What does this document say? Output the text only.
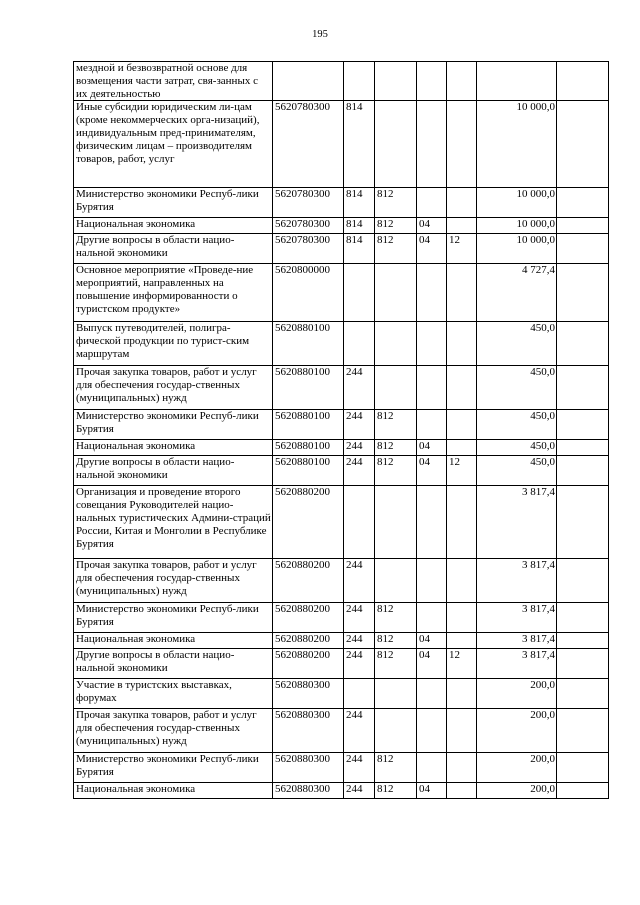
195
мездной и безвозвратной основе для возмещения части затрат, свя-занных с их деятельностью							
Иные субсидии юридическим ли-цам (кроме некоммерческих орга-низаций), индивидуальным пред-принимателям, физическим лицам – производителям товаров, работ, услуг	5620780300	814				10 000,0	
Министерство экономики Респуб-лики Бурятия	5620780300	814	812			10 000,0	
Национальная экономика	5620780300	814	812	04		10 000,0	
Другие вопросы в области нацио-нальной экономики	5620780300	814	812	04	12	10 000,0	
Основное мероприятие «Проведе-ние мероприятий, направленных на повышение информированности о туристском продукте»	5620800000					4 727,4	
Выпуск путеводителей, полигра-фической продукции по турист-ским маршрутам	5620880100					450,0	
Прочая закупка товаров, работ и услуг для обеспечения государ-ственных (муниципальных) нужд	5620880100	244				450,0	
Министерство экономики Респуб-лики Бурятия	5620880100	244	812			450,0	
Национальная экономика	5620880100	244	812	04		450,0	
Другие вопросы в области нацио-нальной экономики	5620880100	244	812	04	12	450,0	
Организация и проведение второго совещания Руководителей нацио-нальных туристических Админи-страций России, Китая и Монголии в Республике Бурятия	5620880200					3 817,4	
Прочая закупка товаров, работ и услуг для обеспечения государ-ственных (муниципальных) нужд	5620880200	244				3 817,4	
Министерство экономики Респуб-лики Бурятия	5620880200	244	812			3 817,4	
Национальная экономика	5620880200	244	812	04		3 817,4	
Другие вопросы в области нацио-нальной экономики	5620880200	244	812	04	12	3 817,4	
Участие в туристских выставках, форумах	5620880300					200,0	
Прочая закупка товаров, работ и услуг для обеспечения государ-ственных (муниципальных) нужд	5620880300	244				200,0	
Министерство экономики Респуб-лики Бурятия	5620880300	244	812			200,0	
Национальная экономика	5620880300	244	812	04		200,0	
